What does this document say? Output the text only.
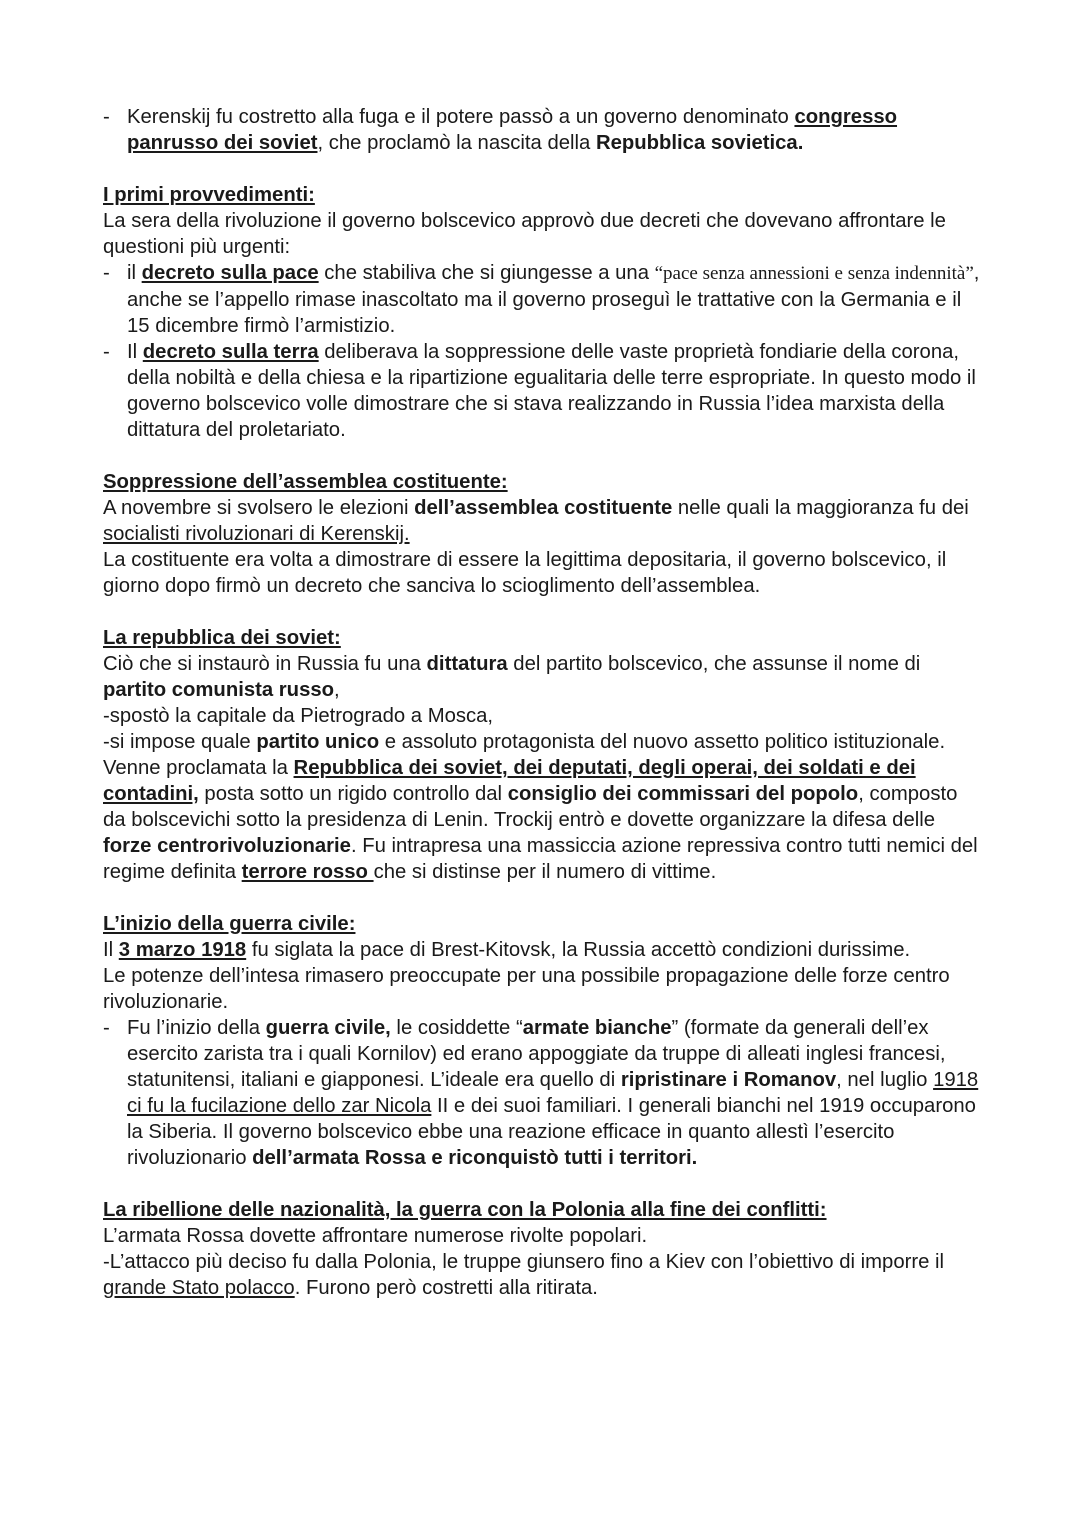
- Kerenskij fu costretto alla fuga e il potere passò a un governo denominato congresso panrusso dei soviet, che proclamò la nascita della Repubblica sovietica.

I primi provvedimenti:

La sera della rivoluzione il governo bolscevico approvò due decreti che dovevano affrontare le questioni più urgenti:

- il decreto sulla pace che stabiliva che si giungesse a una “pace senza annessioni e senza indennità”, anche se l’appello rimase inascoltato ma il governo proseguì le trattative con la Germania e il 15 dicembre firmò l’armistizio.

- Il decreto sulla terra deliberava la soppressione delle vaste proprietà fondiarie della corona, della nobiltà e della chiesa e la ripartizione egualitaria delle terre espropriate. In questo modo il governo bolscevico volle dimostrare che si stava realizzando in Russia l’idea marxista della dittatura del proletariato.

Soppressione dell’assemblea costituente:

A novembre si svolsero le elezioni dell’assemblea costituente nelle quali la maggioranza fu dei socialisti rivoluzionari di Kerenskij.

La costituente era volta a dimostrare di essere la legittima depositaria, il governo bolscevico, il giorno dopo firmò un decreto che sanciva lo scioglimento dell’assemblea.

La repubblica dei soviet:

Ciò che si instaurò in Russia fu una dittatura del partito bolscevico, che assunse il nome di partito comunista russo,

-spostò la capitale da Pietrogrado a Mosca,

-si impose quale partito unico e assoluto protagonista del nuovo assetto politico istituzionale.

Venne proclamata la Repubblica dei soviet, dei deputati, degli operai, dei soldati e dei contadini, posta sotto un rigido controllo dal consiglio dei commissari del popolo, composto da bolscevichi sotto la presidenza di Lenin. Trockij entrò e dovette organizzare la difesa delle forze centrorivoluzionarie. Fu intrapresa una massiccia azione repressiva contro tutti nemici del regime definita terrore rosso che si distinse per il numero di vittime.

L’inizio della guerra civile:

Il 3 marzo 1918 fu siglata la pace di Brest-Kitovsk, la Russia accettò condizioni durissime.

Le potenze dell’intesa rimasero preoccupate per una possibile propagazione delle forze centro rivoluzionarie.

- Fu l’inizio della guerra civile, le cosiddette “armate bianche” (formate da generali dell’ex esercito zarista tra i quali Kornilov) ed erano appoggiate da truppe di alleati inglesi francesi, statunitensi, italiani e giapponesi. L’ideale era quello di ripristinare i Romanov, nel luglio 1918 ci fu la fucilazione dello zar Nicola II e dei suoi familiari. I generali bianchi nel 1919 occuparono la Siberia. Il governo bolscevico ebbe una reazione efficace in quanto allestì l’esercito rivoluzionario dell’armata Rossa e riconquistò tutti i territori.

La ribellione delle nazionalità, la guerra con la Polonia alla fine dei conflitti:

L’armata Rossa dovette affrontare numerose rivolte popolari.

-L’attacco più deciso fu dalla Polonia, le truppe giunsero fino a Kiev con l’obiettivo di imporre il grande Stato polacco. Furono però costretti alla ritirata.
